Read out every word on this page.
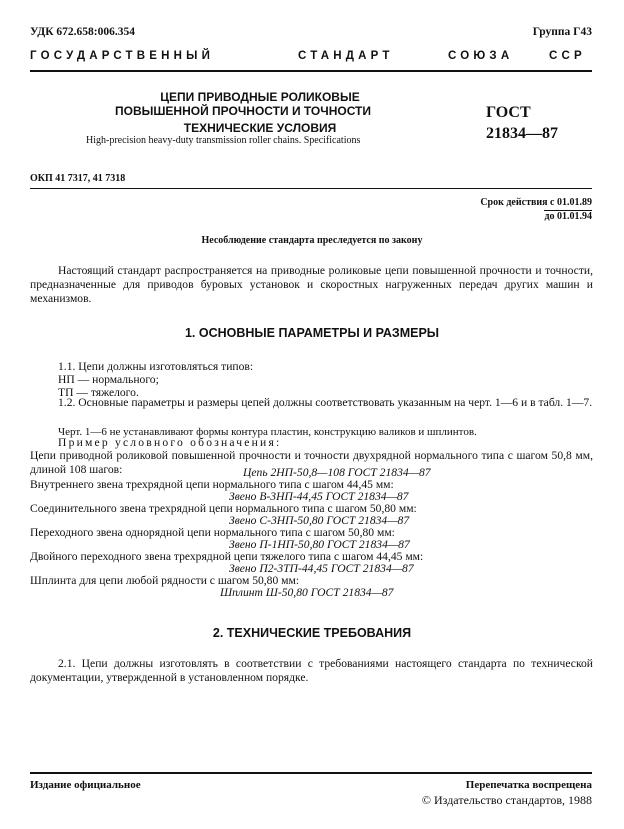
УДК 672.658:006.354	Группа Г43
ГОСУДАРСТВЕННЫЙ	СТАНДАРТ	СОЮЗА	ССР
ЦЕПИ ПРИВОДНЫЕ РОЛИКОВЫЕ
ПОВЫШЕННОЙ ПРОЧНОСТИ И ТОЧНОСТИ
ТЕХНИЧЕСКИЕ УСЛОВИЯ
High-precision heavy-duty transmission roller chains. Specifications
ГОСТ
21834—87
ОКП 41 7317, 41 7318
Срок действия с 01.01.89
до 01.01.94
Несоблюдение стандарта преследуется по закону
Настоящий стандарт распространяется на приводные роликовые цепи повышенной прочности и точности, предназначенные для приводов буровых установок и скоростных нагруженных передач других машин и механизмов.
1. ОСНОВНЫЕ ПАРАМЕТРЫ И РАЗМЕРЫ
1.1. Цепи должны изготовляться типов:
НП — нормального;
ТП — тяжелого.
1.2. Основные параметры и размеры цепей должны соответствовать указанным на черт. 1—6 и в табл. 1—7.
Черт. 1—6 не устанавливают формы контура пластин, конструкцию валиков и шплинтов.
Пример условного обозначения:
Цепи приводной роликовой повышенной прочности и точности двухрядной нормального типа с шагом 50,8 мм, длиной 108 шагов:	Цепь 2НП-50,8—108 ГОСТ 21834—87
Внутреннего звена трехрядной цепи нормального типа с шагом 44,45 мм:
Звено В-3НП-44,45 ГОСТ 21834—87
Соединительного звена трехрядной цепи нормального типа с шагом 50,80 мм:
Звено С-3НП-50,80 ГОСТ 21834—87
Переходного звена однорядной цепи нормального типа с шагом 50,80 мм:
Звено П-1НП-50,80 ГОСТ 21834—87
Двойного переходного звена трехрядной цепи тяжелого типа с шагом 44,45 мм:
Звено П2-3ТП-44,45 ГОСТ 21834—87
Шплинта для цепи любой рядности с шагом 50,80 мм:
Шплинт Ш-50,80 ГОСТ 21834—87
2. ТЕХНИЧЕСКИЕ ТРЕБОВАНИЯ
2.1. Цепи должны изготовлять в соответствии с требованиями настоящего стандарта по технической документации, утвержденной в установленном порядке.
Издание официальное	Перепечатка воспрещена
© Издательство стандартов, 1988
